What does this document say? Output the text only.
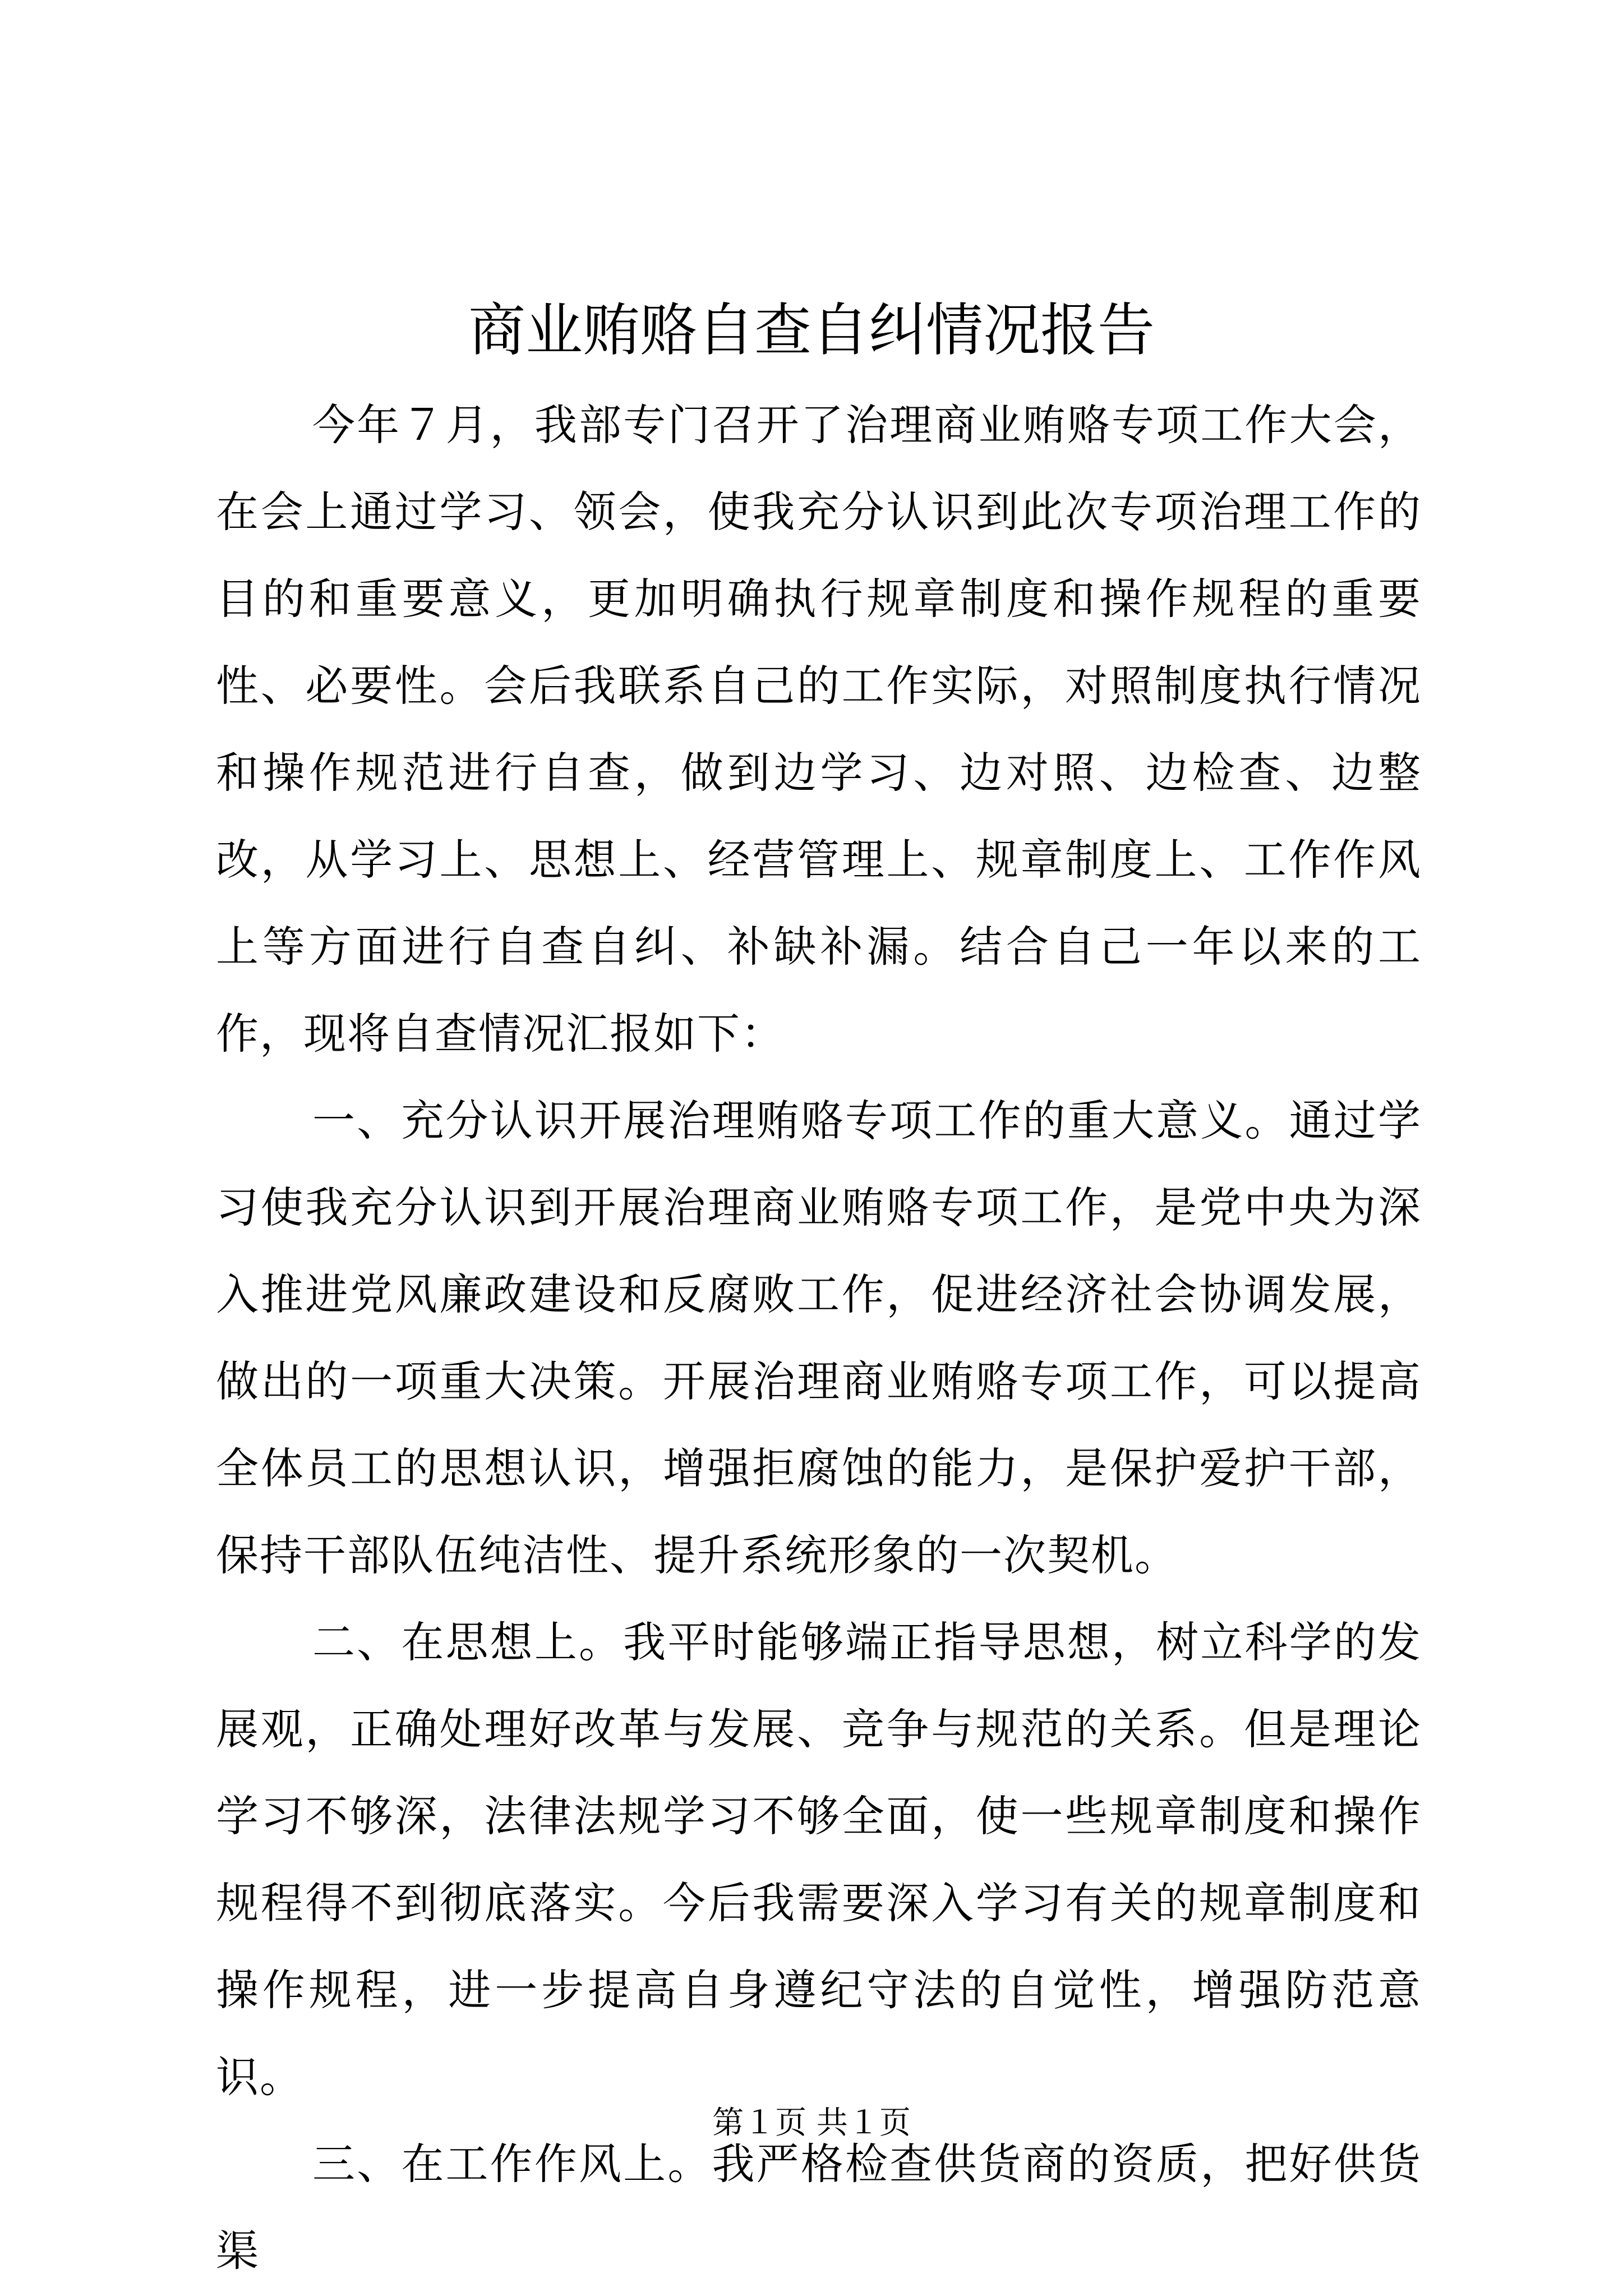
商业贿赂自查自纠情况报告

今年７月，我部专门召开了治理商业贿赂专项工作大会，在会上通过学习、领会，使我充分认识到此次专项治理工作的目的和重要意义，更加明确执行规章制度和操作规程的重要性、必要性。会后我联系自己的工作实际，对照制度执行情况和操作规范进行自查，做到边学习、边对照、边检查、边整改，从学习上、思想上、经营管理上、规章制度上、工作作风上等方面进行自查自纠、补缺补漏。结合自己一年以来的工作，现将自查情况汇报如下：

一、充分认识开展治理贿赂专项工作的重大意义。通过学习使我充分认识到开展治理商业贿赂专项工作，是党中央为深入推进党风廉政建设和反腐败工作，促进经济社会协调发展，做出的一项重大决策。开展治理商业贿赂专项工作，可以提高全体员工的思想认识，增强拒腐蚀的能力，是保护爱护干部，保持干部队伍纯洁性、提升系统形象的一次契机。

二、在思想上。我平时能够端正指导思想，树立科学的发展观，正确处理好改革与发展、竞争与规范的关系。但是理论学习不够深，法律法规学习不够全面，使一些规章制度和操作规程得不到彻底落实。今后我需要深入学习有关的规章制度和操作规程，进一步提高自身遵纪守法的自觉性，增强防范意识。

三、在工作作风上。我严格检查供货商的资质，把好供货渠

第１页 共１页
